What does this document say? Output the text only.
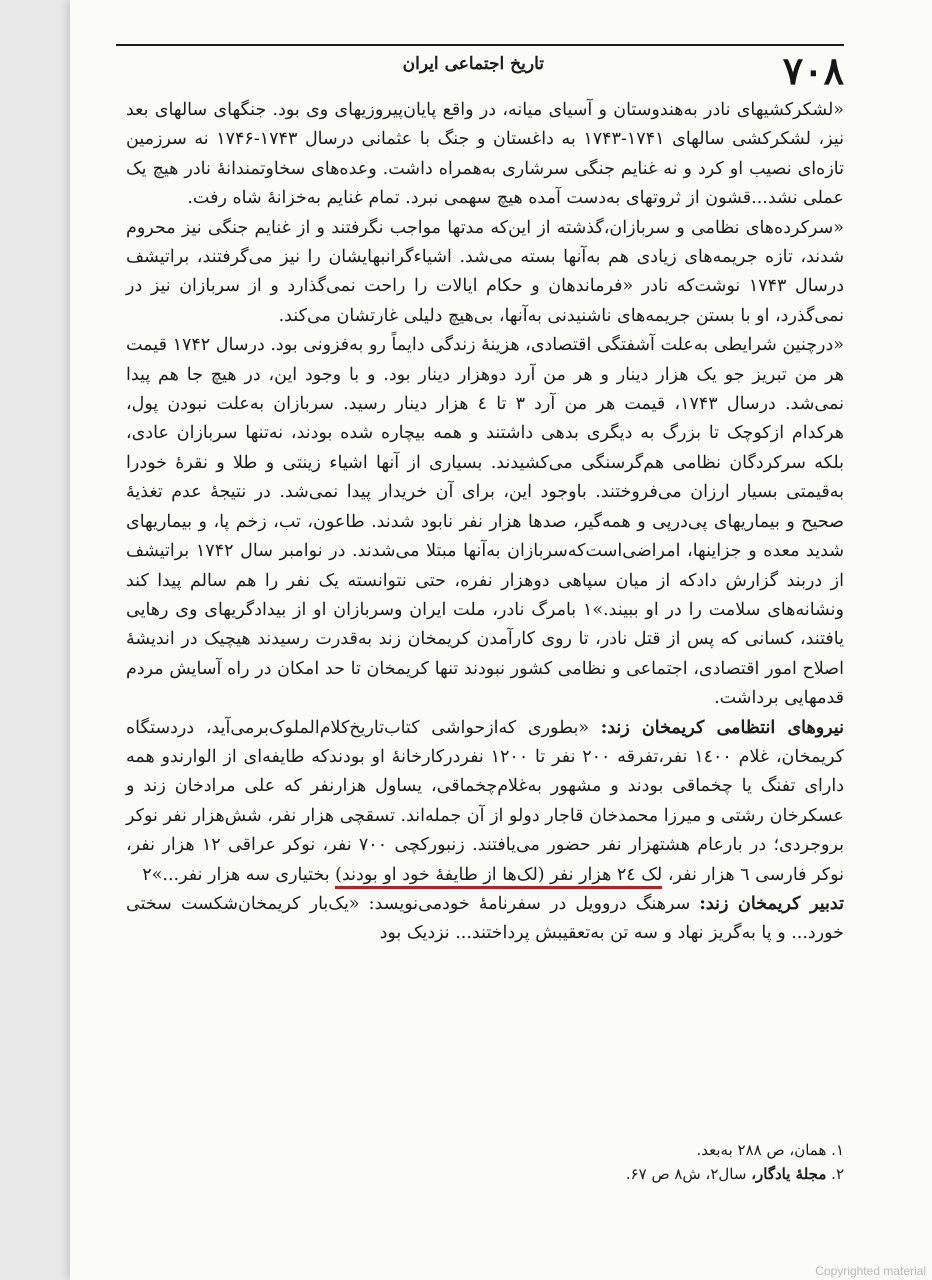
۷۰۸
تاریخ اجتماعی ایران

«لشکرکشیهای نادر به‌هندوستان و آسیای میانه، در واقع پایان‌پیروزیهای وی بود. جنگهای سالهای بعد نیز، لشکرکشی سالهای ۱۷۴۱-۱۷۴۳ به داغستان و جنگ با عثمانی درسال ۱۷۴۳-۱۷۴۶ نه سرزمین تازه‌ای نصیب او کرد و نه غنایم جنگی سرشاری به‌همراه داشت. وعده‌های سخاوتمندانهٔ نادر هیچ یک عملی نشد...قشون از ثروتهای به‌دست آمده هیچ سهمی نبرد. تمام غنایم به‌خزانهٔ شاه رفت.

«سرکرده‌های نظامی و سربازان،گذشته از این‌که مدتها مواجب نگرفتند و از غنایم جنگی نیز محروم شدند، تازه جریمه‌های زیادی هم به‌آنها بسته می‌شد. اشیاءگرانبهایشان را نیز می‌گرفتند، براتیشف درسال ۱۷۴۳ نوشت‌که نادر «فرماندهان و حکام ایالات را راحت نمی‌گذارد و از سربازان نیز در نمی‌گذرد، او با بستن جریمه‌های ناشنیدنی به‌آنها، بی‌هیچ دلیلی غارتشان می‌کند.

«درچنین شرایطی به‌علت آشفتگی اقتصادی، هزینهٔ زندگی دایماً رو به‌فزونی بود. درسال ۱۷۴۲ قیمت هر من تبریز جو یک هزار دینار و هر من آرد دوهزار دینار بود. و با وجود این، در هیچ جا هم پیدا نمی‌شد. درسال ۱۷۴۳، قیمت هر من آرد ۳ تا ٤ هزار دینار رسید. سربازان به‌علت نبودن پول، هرکدام ازکوچک تا بزرگ به دیگری بدهی داشتند و همه بیچاره شده بودند، نه‌تنها سربازان عادی، بلکه سرکردگان نظامی هم‌گرسنگی می‌کشیدند. بسیاری از آنها اشیاء زینتی و طلا و نقرهٔ خودرا به‌قیمتی بسیار ارزان می‌فروختند. باوجود این، برای آن خریدار پیدا نمی‌شد. در نتیجهٔ عدم تغذیهٔ صحیح و بیماریهای پی‌درپی و همه‌گیر، صدها هزار نفر نابود شدند. طاعون، تب، زخم پا، و بیماریهای شدید معده و جزاینها، امراضی‌است‌که‌سربازان به‌آنها مبتلا می‌شدند. در نوامبر سال ۱۷۴۲ براتیشف از دربند گزارش دادکه از میان سپاهی دوهزار نفره، حتی نتوانسته یک نفر را هم سالم پیدا کند ونشانه‌های سلامت را در او ببیند.»۱ بامرگ نادر، ملت ایران وسربازان او از بیدادگریهای وی رهایی یافتند، کسانی که پس از قتل نادر، تا روی کارآمدن کریمخان زند به‌قدرت رسیدند هیچیک در اندیشهٔ اصلاح امور اقتصادی، اجتماعی و نظامی کشور نبودند تنها کریمخان تا حد امکان در راه آسایش مردم قدمهایی برداشت.

نیروهای انتظامی کریمخان زند: «بطوری که‌ازحواشی کتاب‌تاریخ‌کلام‌الملوک‌برمی‌آید، دردستگاه کریمخان، غلام ۱٤۰۰ نفر،تفرقه ۲۰۰ نفر تا ۱۲۰۰ نفردرکارخانهٔ او بودندکه طایفه‌ای از الوارندو همه دارای تفنگ یا چخماقی بودند و مشهور به‌غلام‌چخماقی، یساول هزارنفر که علی مرادخان زند و عسکرخان رشتی و میرزا محمدخان قاجار دولو از آن جمله‌اند. تسقچی هزار نفر، شش‌هزار نفر نوکر بروجردی؛ در بارعام هشتهزار نفر حضور می‌یافتند. زنبورکچی ۷۰۰ نفر، نوکر عراقی ۱۲ هزار نفر، نوکر فارسی ٦ هزار نفر، لک ۲٤ هزار نفر (لک‌ها از طایفهٔ خود او بودند) بختیاری سه هزار نفر...»۲

تدبیر کریمخان زند: سرهنگ دروویل در سفرنامهٔ خودمی‌نویسد: «یک‌بار کریمخان‌شکست سختی خورد... و پا به‌گریز نهاد و سه تن به‌تعقیبش پرداختند... نزدیک بود

۱. همان، ص ۲۸۸ به‌بعد.
۲. مجلهٔ یادگار، سال۲، ش۸ ص ۶۷.
Copyrighted material
